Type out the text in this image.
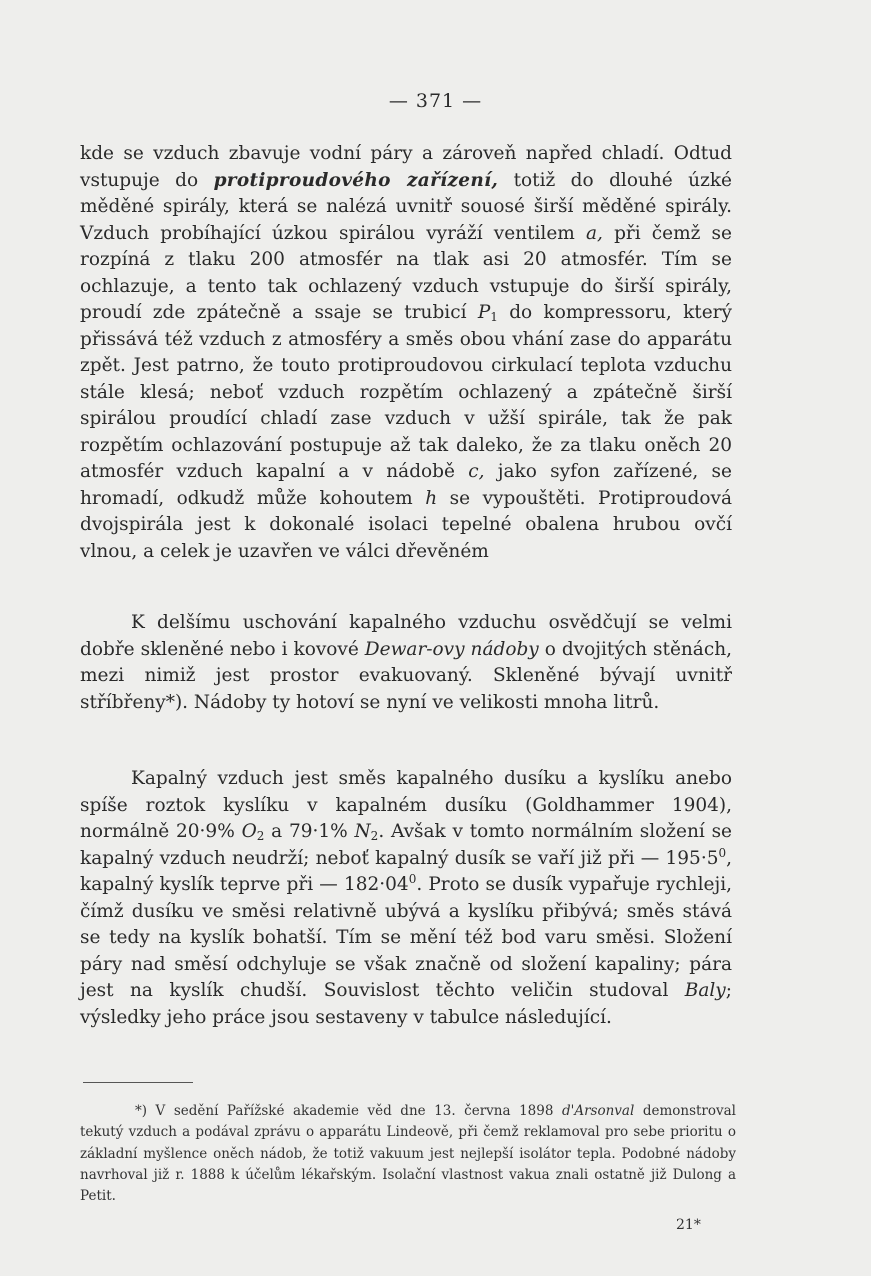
— 371 —

kde se vzduch zbavuje vodní páry a zároveň napřed chladí. Odtud vstupuje do protiproudového zařízení, totiž do dlouhé úzké měděné spirály, která se nalézá uvnitř souosé širší měděné spirály. Vzduch probíhající úzkou spirálou vyráží ventilem a, při čemž se rozpíná z tlaku 200 atmosfér na tlak asi 20 atmosfér. Tím se ochlazuje, a tento tak ochlazený vzduch vstupuje do širší spirály, proudí zde zpátečně a ssaje se trubicí $P_1$ do kompressoru, který přissává též vzduch z atmosféry a směs obou vhání zase do apparátu zpět. Jest patrno, že touto protiproudovou cirkulací teplota vzduchu stále klesá; neboť vzduch rozpětím ochlazený a zpátečně širší spirálou proudící chladí zase vzduch v užší spirále, tak že pak rozpětím ochlazování postupuje až tak daleko, že za tlaku oněch 20 atmosfér vzduch kapalní a v nádobě c, jako syfon zařízené, se hromadí, odkudž může kohoutem h se vypouštěti. Protiproudová dvojspirála jest k dokonalé isolaci tepelné obalena hrubou ovčí vlnou, a celek je uzavřen ve válci dřevěném

K delšímu uschování kapalného vzduchu osvědčují se velmi dobře skleněné nebo i kovové Dewar-ovy nádoby o dvojitých stěnách, mezi nimiž jest prostor evakuovaný. Skleněné bývají uvnitř stříbřeny*). Nádoby ty hotoví se nyní ve velikosti mnoha litrů.

Kapalný vzduch jest směs kapalného dusíku a kyslíku anebo spíše roztok kyslíku v kapalném dusíku (Goldhammer 1904), normálně 20·9% $O_2$ a 79·1% $N_2$. Avšak v tomto normálním složení se kapalný vzduch neudrží; neboť kapalný dusík se vaří již při — $195\cdot 5^0$, kapalný kyslík teprve při — $182\cdot 04^0$. Proto se dusík vypařuje rychleji, čímž dusíku ve směsi relativně ubývá a kyslíku přibývá; směs stává se tedy na kyslík bohatší. Tím se mění též bod varu směsi. Složení páry nad směsí odchyluje se však značně od složení kapaliny; pára jest na kyslík chudší. Souvislost těchto veličin studoval Baly; výsledky jeho práce jsou sestaveny v tabulce následující.

*) V sedění Pařížské akademie věd dne 13. června 1898 d'Arsonval demonstroval tekutý vzduch a podával zprávu o apparátu Lindeově, při čemž reklamoval pro sebe prioritu o základní myšlence oněch nádob, že totiž vakuum jest nejlepší isolátor tepla. Podobné nádoby navrhoval již r. 1888 k účelům lékařským. Isolační vlastnost vakua znali ostatně již Dulong a Petit.

21*
